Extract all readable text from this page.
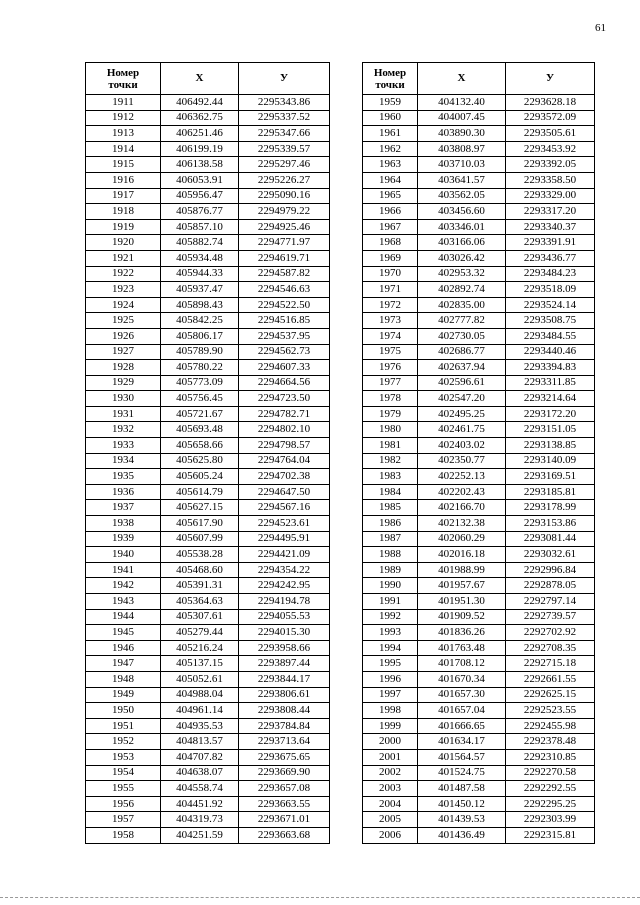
61
Номер
точки	X	У
1911	406492.44	2295343.86
1912	406362.75	2295337.52
1913	406251.46	2295347.66
1914	406199.19	2295339.57
1915	406138.58	2295297.46
1916	406053.91	2295226.27
1917	405956.47	2295090.16
1918	405876.77	2294979.22
1919	405857.10	2294925.46
1920	405882.74	2294771.97
1921	405934.48	2294619.71
1922	405944.33	2294587.82
1923	405937.47	2294546.63
1924	405898.43	2294522.50
1925	405842.25	2294516.85
1926	405806.17	2294537.95
1927	405789.90	2294562.73
1928	405780.22	2294607.33
1929	405773.09	2294664.56
1930	405756.45	2294723.50
1931	405721.67	2294782.71
1932	405693.48	2294802.10
1933	405658.66	2294798.57
1934	405625.80	2294764.04
1935	405605.24	2294702.38
1936	405614.79	2294647.50
1937	405627.15	2294567.16
1938	405617.90	2294523.61
1939	405607.99	2294495.91
1940	405538.28	2294421.09
1941	405468.60	2294354.22
1942	405391.31	2294242.95
1943	405364.63	2294194.78
1944	405307.61	2294055.53
1945	405279.44	2294015.30
1946	405216.24	2293958.66
1947	405137.15	2293897.44
1948	405052.61	2293844.17
1949	404988.04	2293806.61
1950	404961.14	2293808.44
1951	404935.53	2293784.84
1952	404813.57	2293713.64
1953	404707.82	2293675.65
1954	404638.07	2293669.90
1955	404558.74	2293657.08
1956	404451.92	2293663.55
1957	404319.73	2293671.01
1958	404251.59	2293663.68
Номер
точки	X	У
1959	404132.40	2293628.18
1960	404007.45	2293572.09
1961	403890.30	2293505.61
1962	403808.97	2293453.92
1963	403710.03	2293392.05
1964	403641.57	2293358.50
1965	403562.05	2293329.00
1966	403456.60	2293317.20
1967	403346.01	2293340.37
1968	403166.06	2293391.91
1969	403026.42	2293436.77
1970	402953.32	2293484.23
1971	402892.74	2293518.09
1972	402835.00	2293524.14
1973	402777.82	2293508.75
1974	402730.05	2293484.55
1975	402686.77	2293440.46
1976	402637.94	2293394.83
1977	402596.61	2293311.85
1978	402547.20	2293214.64
1979	402495.25	2293172.20
1980	402461.75	2293151.05
1981	402403.02	2293138.85
1982	402350.77	2293140.09
1983	402252.13	2293169.51
1984	402202.43	2293185.81
1985	402166.70	2293178.99
1986	402132.38	2293153.86
1987	402060.29	2293081.44
1988	402016.18	2293032.61
1989	401988.99	2292996.84
1990	401957.67	2292878.05
1991	401951.30	2292797.14
1992	401909.52	2292739.57
1993	401836.26	2292702.92
1994	401763.48	2292708.35
1995	401708.12	2292715.18
1996	401670.34	2292661.55
1997	401657.30	2292625.15
1998	401657.04	2292523.55
1999	401666.65	2292455.98
2000	401634.17	2292378.48
2001	401564.57	2292310.85
2002	401524.75	2292270.58
2003	401487.58	2292292.55
2004	401450.12	2292295.25
2005	401439.53	2292303.99
2006	401436.49	2292315.81
